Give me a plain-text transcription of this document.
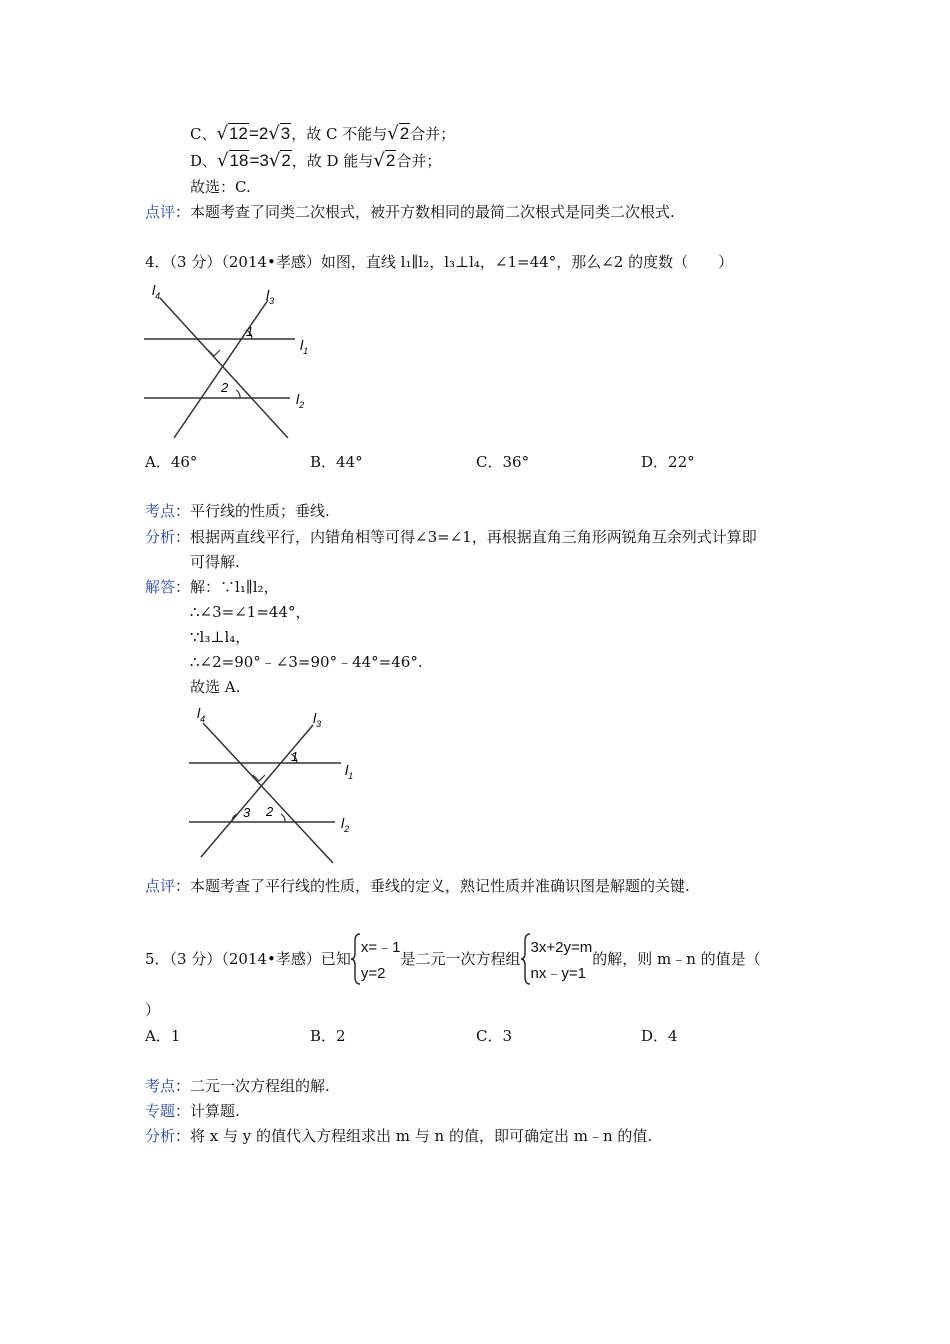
C、√12=2√3，故 C 不能与√2合并；
D、√18=3√2，故 D 能与√2合并；
故选：C.
点评：本题考查了同类二次根式，被开方数相同的最简二次根式是同类二次根式.
4．（3 分）（2014•孝感）如图，直线 l₁∥l₂，l₃⊥l₄，∠1=44°，那么∠2 的度数（　　）
$l_4$	$l_3$
$l_1$
$l_2$
1
2
A．46°	B．44°	C．36°	D．22°
考点：平行线的性质；垂线.
分析：根据两直线平行，内错角相等可得∠3=∠1，再根据直角三角形两锐角互余列式计算即
可得解.
解答：解：∵l₁∥l₂，
∴∠3=∠1=44°，
∵l₃⊥l₄，
∴∠2=90°﹣∠3=90°﹣44°=46°.
故选 A.
$l_4$	$l_3$
$l_1$
$l_2$
1
3 2
点评：本题考查了平行线的性质，垂线的定义，熟记性质并准确识图是解题的关键.
5．（3 分）（2014•孝感）已知
x=﹣1
y=2
是二元一次方程组
3x+2y=m
nx﹣y=1
的解，则 m﹣n 的值是（
）
A．1	B．2	C．3	D．4
考点：二元一次方程组的解.
专题：计算题.
分析：将 x 与 y 的值代入方程组求出 m 与 n 的值，即可确定出 m﹣n 的值.
